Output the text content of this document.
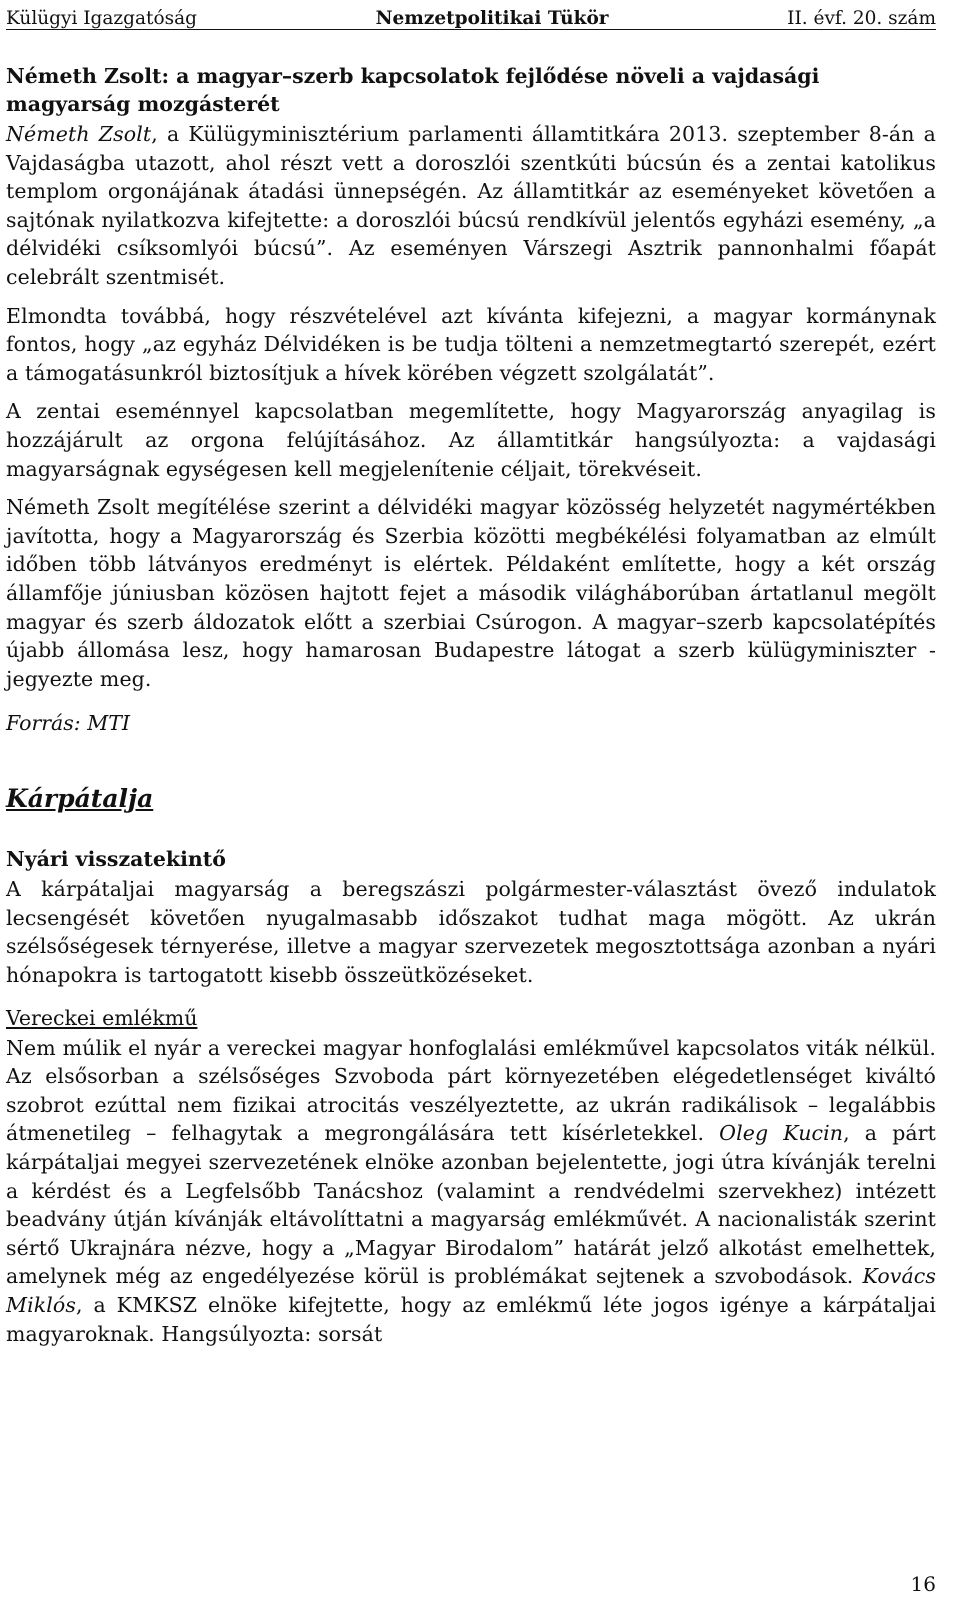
Külügyi Igazgatóság	Nemzetpolitikai Tükör	II. évf. 20. szám
Németh Zsolt: a magyar–szerb kapcsolatok fejlődése növeli a vajdasági magyarság mozgásterét

Németh Zsolt, a Külügyminisztérium parlamenti államtitkára 2013. szeptember 8-án a Vajdaságba utazott, ahol részt vett a doroszlói szentkúti búcsún és a zentai katolikus templom orgonájának átadási ünnepségén. Az államtitkár az eseményeket követően a sajtónak nyilatkozva kifejtette: a doroszlói búcsú rendkívül jelentős egyházi esemény, „a délvidéki csíksomlyói búcsú”. Az eseményen Várszegi Asztrik pannonhalmi főapát celebrált szentmisét.

Elmondta továbbá, hogy részvételével azt kívánta kifejezni, a magyar kormánynak fontos, hogy „az egyház Délvidéken is be tudja tölteni a nemzetmegtartó szerepét, ezért a támogatásunkról biztosítjuk a hívek körében végzett szolgálatát”.

A zentai eseménnyel kapcsolatban megemlítette, hogy Magyarország anyagilag is hozzájárult az orgona felújításához. Az államtitkár hangsúlyozta: a vajdasági magyarságnak egységesen kell megjelenítenie céljait, törekvéseit.

Németh Zsolt megítélése szerint a délvidéki magyar közösség helyzetét nagymértékben javította, hogy a Magyarország és Szerbia közötti megbékélési folyamatban az elmúlt időben több látványos eredményt is elértek. Példaként említette, hogy a két ország államfője júniusban közösen hajtott fejet a második világháborúban ártatlanul megölt magyar és szerb áldozatok előtt a szerbiai Csúrogon. A magyar–szerb kapcsolatépítés újabb állomása lesz, hogy hamarosan Budapestre látogat a szerb külügyminiszter - jegyezte meg.

Forrás: MTI
Kárpátalja
Nyári visszatekintő

A kárpátaljai magyarság a beregszászi polgármester-választást övező indulatok lecsengését követően nyugalmasabb időszakot tudhat maga mögött. Az ukrán szélsőségesek térnyerése, illetve a magyar szervezetek megosztottsága azonban a nyári hónapokra is tartogatott kisebb összeütközéseket.

Vereckei emlékmű

Nem múlik el nyár a vereckei magyar honfoglalási emlékművel kapcsolatos viták nélkül. Az elsősorban a szélsőséges Szvoboda párt környezetében elégedetlenséget kiváltó szobrot ezúttal nem fizikai atrocitás veszélyeztette, az ukrán radikálisok – legalábbis átmenetileg – felhagytak a megrongálására tett kísérletekkel. Oleg Kucin, a párt kárpátaljai megyei szervezetének elnöke azonban bejelentette, jogi útra kívánják terelni a kérdést és a Legfelsőbb Tanácshoz (valamint a rendvédelmi szervekhez) intézett beadvány útján kívánják eltávolíttatni a magyarság emlékművét. A nacionalisták szerint sértő Ukrajnára nézve, hogy a „Magyar Birodalom” határát jelző alkotást emelhettek, amelynek még az engedélyezése körül is problémákat sejtenek a szvobodások. Kovács Miklós, a KMKSZ elnöke kifejtette, hogy az emlékmű léte jogos igénye a kárpátaljai magyaroknak. Hangsúlyozta: sorsát

16
